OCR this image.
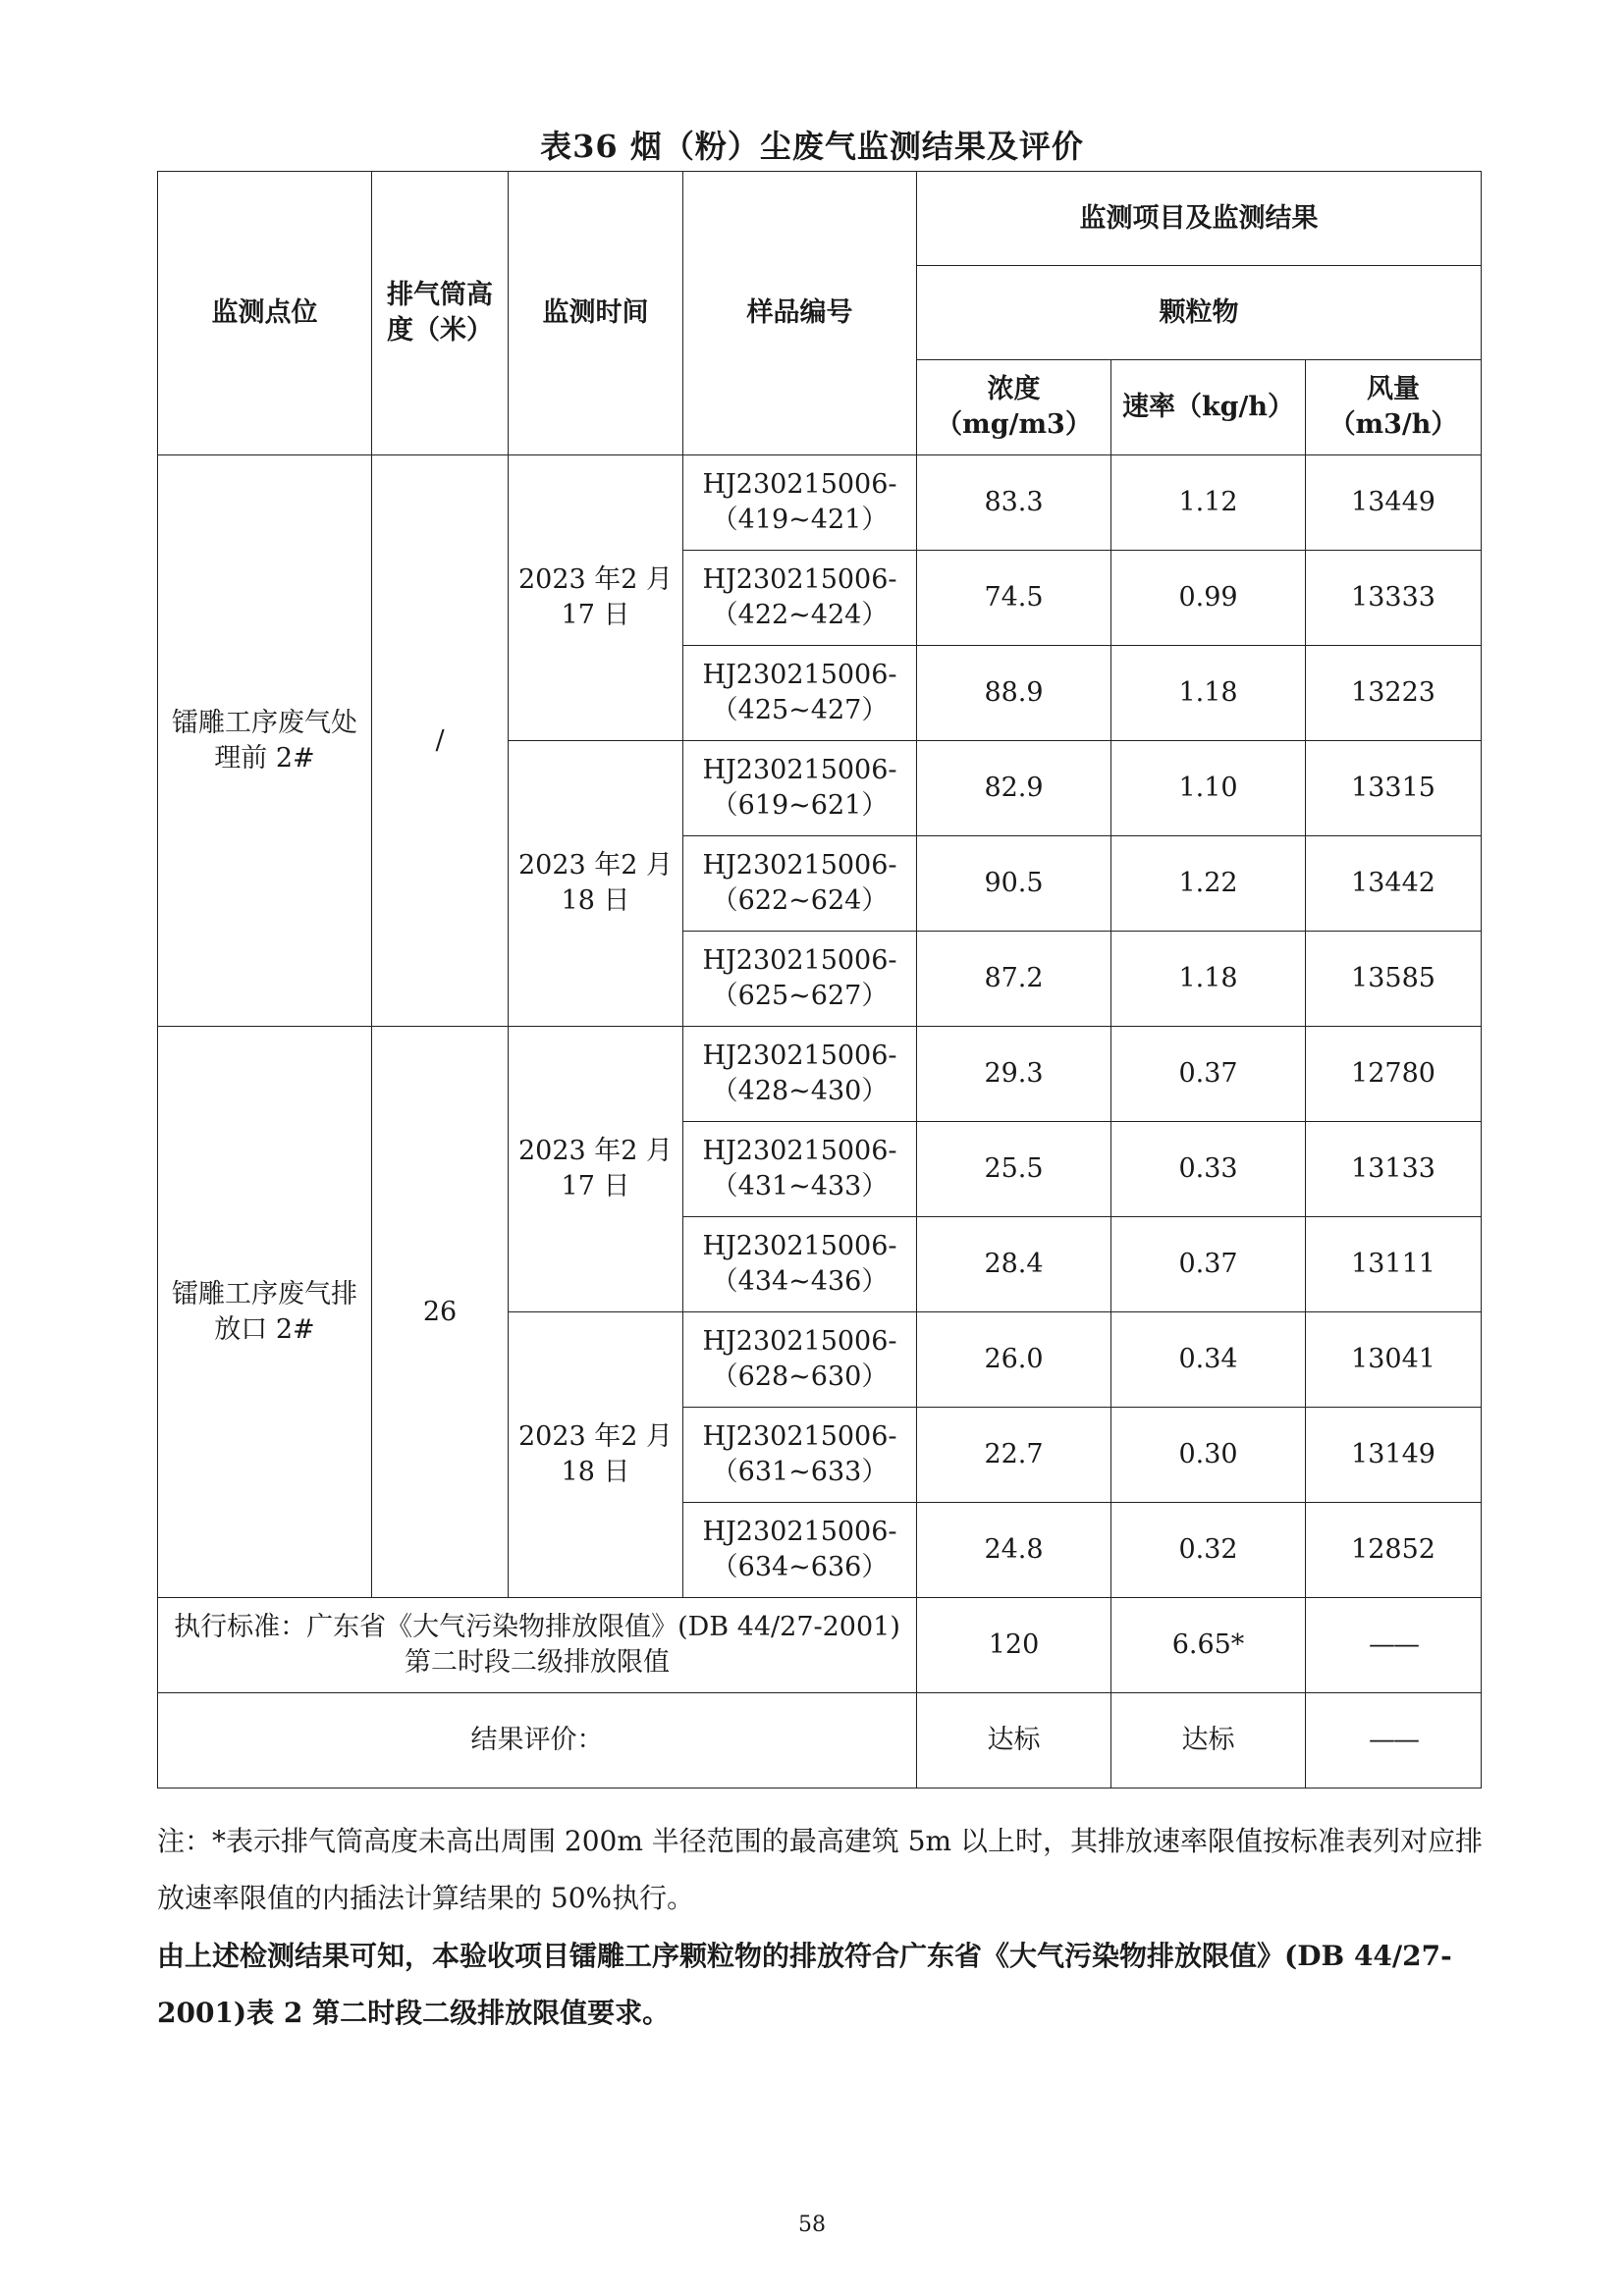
表36 烟（粉）尘废气监测结果及评价
监测点位	排气筒高度（米）	监测时间	样品编号	监测项目及监测结果		
				颗粒物		
				浓度（mg/m3）	速率（kg/h）	风量（m3/h）
镭雕工序废气处理前 2#	/	2023 年2 月 17 日	HJ230215006-（419~421）	83.3	1.12	13449
			HJ230215006-（422~424）	74.5	0.99	13333
			HJ230215006-（425~427）	88.9	1.18	13223
		2023 年2 月 18 日	HJ230215006-（619~621）	82.9	1.10	13315
			HJ230215006-（622~624）	90.5	1.22	13442
			HJ230215006-（625~627）	87.2	1.18	13585
镭雕工序废气排放口 2#	26	2023 年2 月 17 日	HJ230215006-（428~430）	29.3	0.37	12780
			HJ230215006-（431~433）	25.5	0.33	13133
			HJ230215006-（434~436）	28.4	0.37	13111
		2023 年2 月 18 日	HJ230215006-（628~630）	26.0	0.34	13041
			HJ230215006-（631~633）	22.7	0.30	13149
			HJ230215006-（634~636）	24.8	0.32	12852
执行标准：广东省《大气污染物排放限值》(DB 44/27-2001)第二时段二级排放限值				120	6.65*	——
结果评价：				达标	达标	——
注：*表示排气筒高度未高出周围 200m 半径范围的最高建筑 5m 以上时，其排放速率限值按标准表列对应排放速率限值的内插法计算结果的 50%执行。
由上述检测结果可知，本验收项目镭雕工序颗粒物的排放符合广东省《大气污染物排放限值》(DB 44/27-2001)表 2 第二时段二级排放限值要求。
58
